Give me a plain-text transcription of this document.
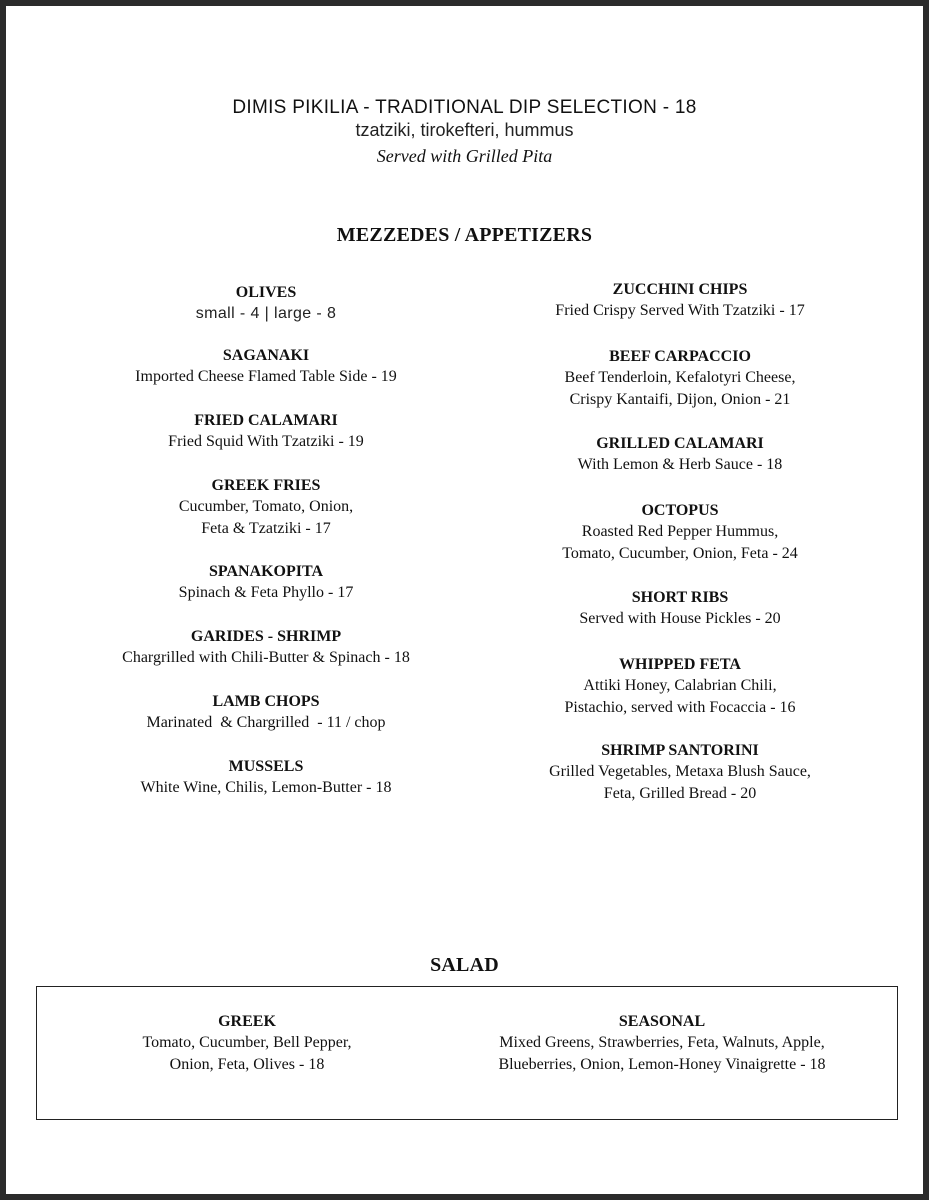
DIMIS PIKILIA - TRADITIONAL DIP SELECTION - 18
tzatziki, tirokefteri, hummus
Served with Grilled Pita
MEZZEDES / APPETIZERS
OLIVES
small - 4 | large - 8
SAGANAKI
Imported Cheese Flamed Table Side - 19
FRIED CALAMARI
Fried Squid With Tzatziki - 19
GREEK FRIES
Cucumber, Tomato, Onion,
Feta & Tzatziki - 17
SPANAKOPITA
Spinach & Feta Phyllo - 17
GARIDES - SHRIMP
Chargrilled with Chili-Butter & Spinach - 18
LAMB CHOPS
Marinated  & Chargrilled  - 11 / chop
MUSSELS
White Wine, Chilis, Lemon-Butter - 18
ZUCCHINI CHIPS
Fried Crispy Served With Tzatziki - 17
BEEF CARPACCIO
Beef Tenderloin, Kefalotyri Cheese,
Crispy Kantaifi, Dijon, Onion - 21
GRILLED CALAMARI
With Lemon & Herb Sauce - 18
OCTOPUS
Roasted Red Pepper Hummus,
Tomato, Cucumber, Onion, Feta - 24
SHORT RIBS
Served with House Pickles - 20
WHIPPED FETA
Attiki Honey, Calabrian Chili,
Pistachio, served with Focaccia - 16
SHRIMP SANTORINI
Grilled Vegetables, Metaxa Blush Sauce,
Feta, Grilled Bread - 20
SALAD
GREEK
Tomato, Cucumber, Bell Pepper,
Onion, Feta, Olives - 18
SEASONAL
Mixed Greens, Strawberries, Feta, Walnuts, Apple,
Blueberries, Onion, Lemon-Honey Vinaigrette - 18
